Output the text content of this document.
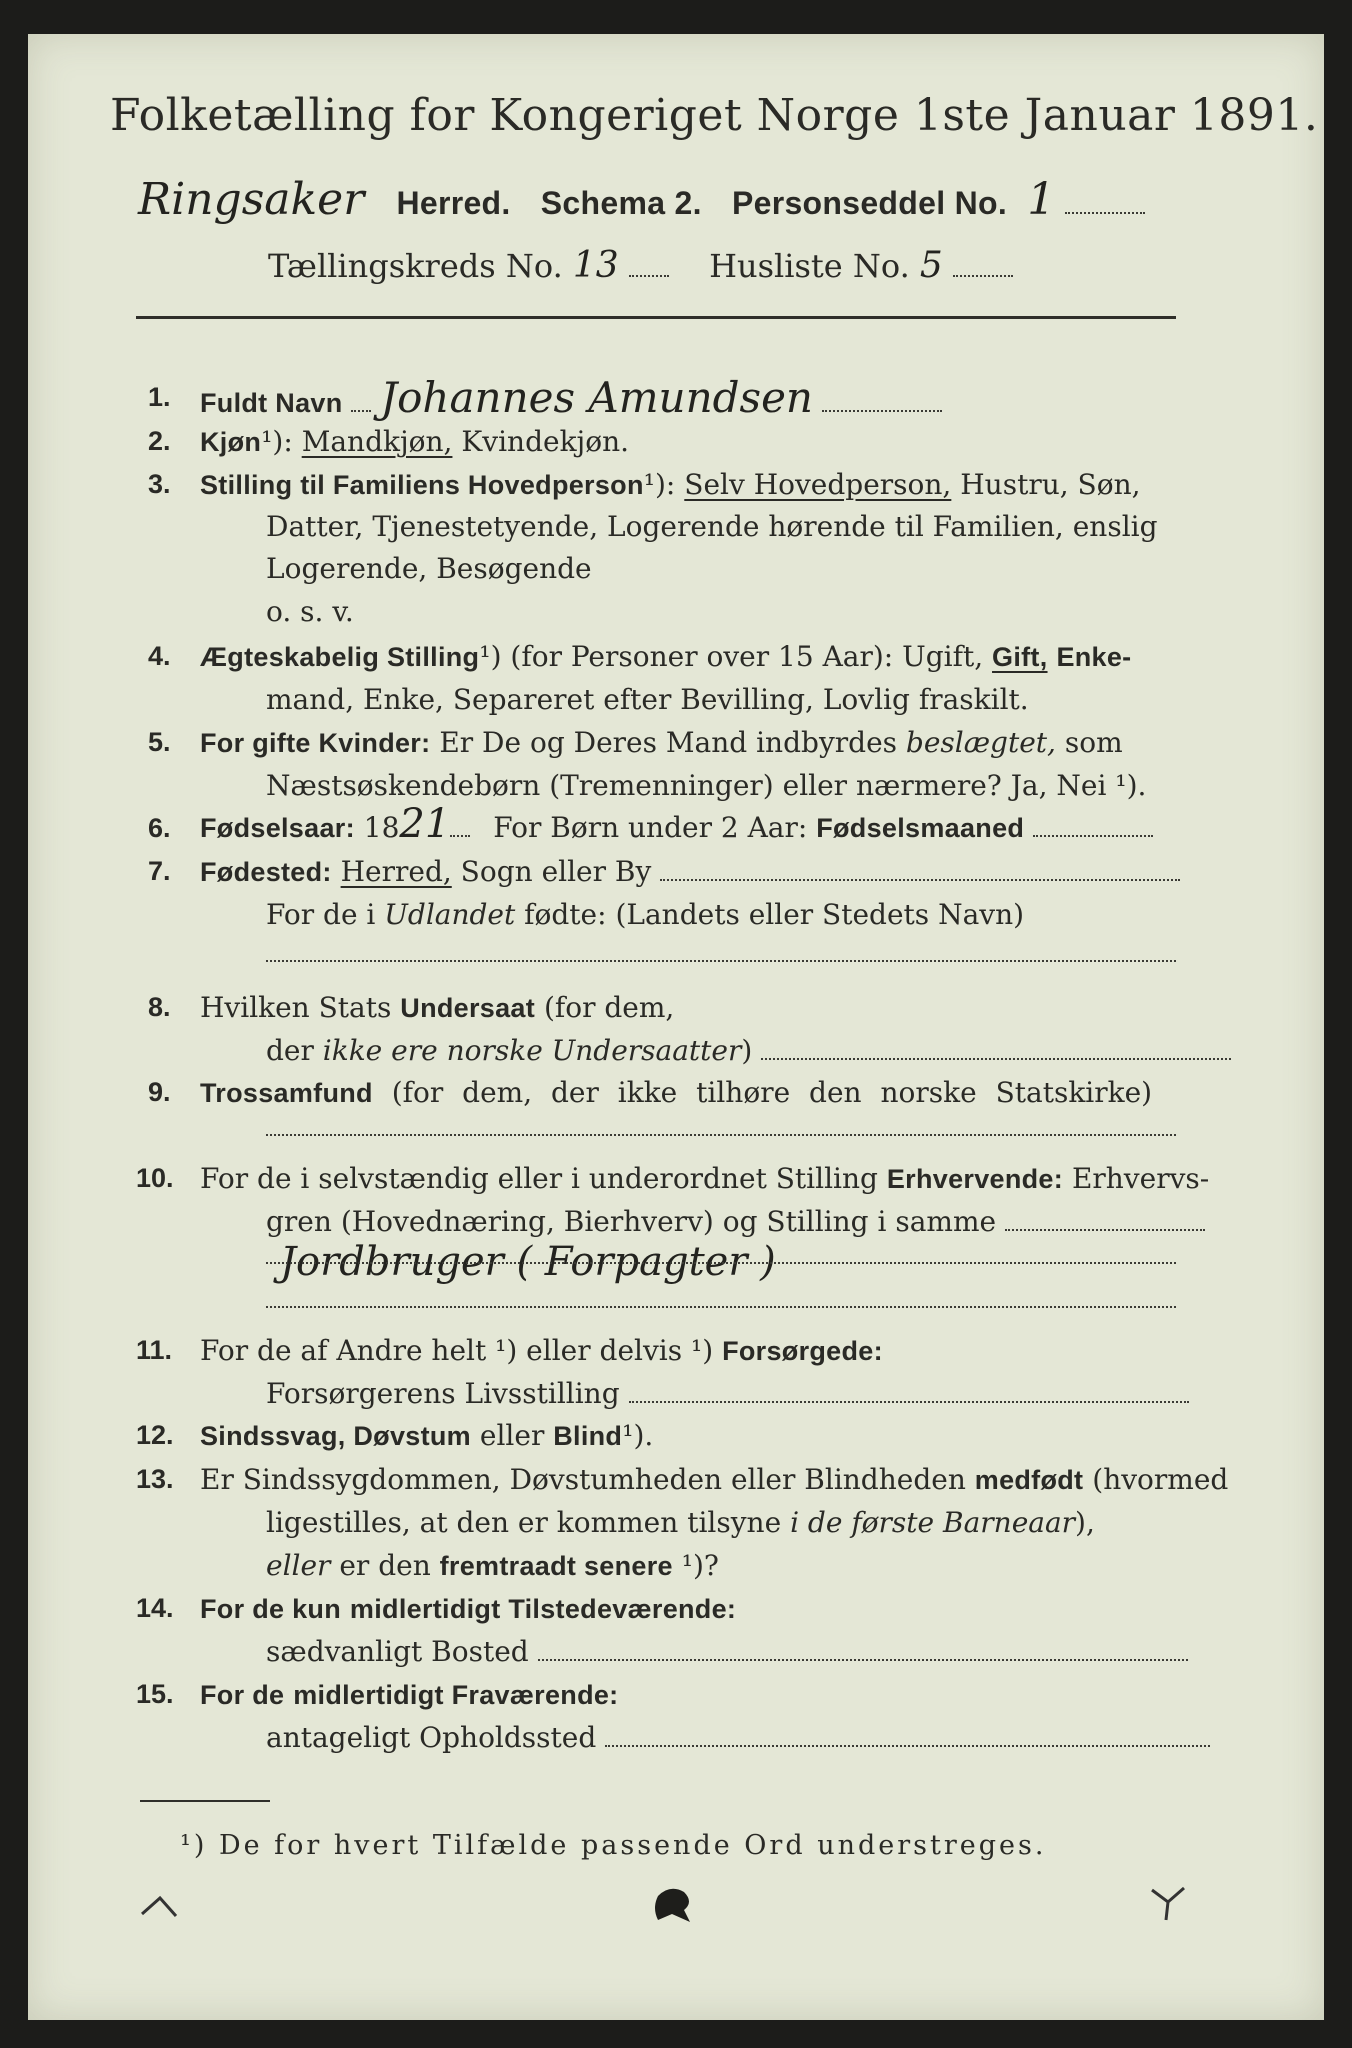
Folketælling for Kongeriget Norge 1ste Januar 1891.
Ringsaker Herred. Schema 2. Personseddel No. 1
Tællingskreds No. 13	Husliste No. 5
1. Fuldt Navn Johannes Amundsen
2. Kjøn¹): Mandkjøn, Kvindekjøn.
3. Stilling til Familiens Hovedperson¹): Selv Hovedperson, Hustru, Søn,
Datter, Tjenestetyende, Logerende hørende til Familien, enslig
Logerende, Besøgende
o. s. v.
4. Ægteskabelig Stilling¹) (for Personer over 15 Aar): Ugift, Gift, Enke-
mand, Enke, Separeret efter Bevilling, Lovlig fraskilt.
5. For gifte Kvinder: Er De og Deres Mand indbyrdes beslægtet, som
Næstsøskendebørn (Tremenninger) eller nærmere? Ja, Nei ¹).
6. Fødselsaar: 1821 For Børn under 2 Aar: Fødselsmaaned
7. Fødested: Herred, Sogn eller By
For de i Udlandet fødte: (Landets eller Stedets Navn)
8. Hvilken Stats Undersaat (for dem,
der ikke ere norske Undersaatter)
9. Trossamfund (for dem, der ikke tilhøre den norske Statskirke)
10. For de i selvstændig eller i underordnet Stilling Erhvervende: Erhvervs-
gren (Hovednæring, Bierhverv) og Stilling i samme
Jordbruger ( Forpagter )
11. For de af Andre helt ¹) eller delvis ¹) Forsørgede:
Forsørgerens Livsstilling
12. Sindssvag, Døvstum eller Blind¹).
13. Er Sindssygdommen, Døvstumheden eller Blindheden medfødt (hvormed
ligestilles, at den er kommen tilsyne i de første Barneaar),
eller er den fremtraadt senere ¹)?
14. For de kun midlertidigt Tilstedeværende:
sædvanligt Bosted
15. For de midlertidigt Fraværende:
antageligt Opholdssted
¹) De for hvert Tilfælde passende Ord understreges.
